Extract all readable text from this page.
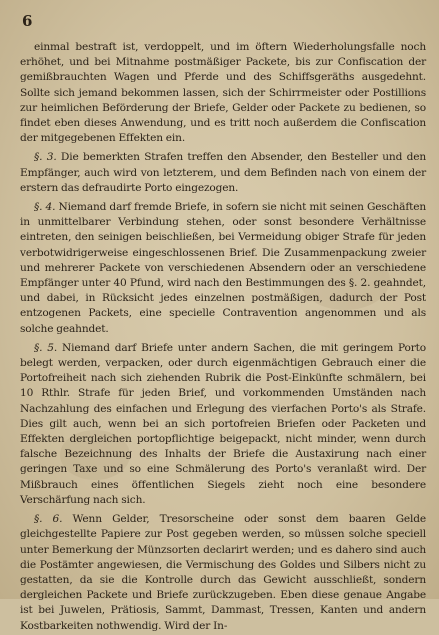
6

einmal bestraft ist, verdoppelt, und im öftern Wiederholungsfalle noch erhöhet, und bei Mitnahme postmäßiger Packete, bis zur Confiscation der gemißbrauchten Wagen und Pferde und des Schiffsgeräths ausgedehnt. Sollte sich jemand bekommen lassen, sich der Schirrmeister oder Postillions zur heimlichen Beförderung der Briefe, Gelder oder Packete zu bedienen, so findet eben dieses Anwendung, und es tritt noch außerdem die Confiscation der mitgegebenen Effekten ein.

§. 3. Die bemerkten Strafen treffen den Absender, den Besteller und den Empfänger, auch wird von letzterem, und dem Befinden nach von einem der erstern das defraudirte Porto eingezogen.

§. 4. Niemand darf fremde Briefe, in sofern sie nicht mit seinen Geschäften in unmittelbarer Verbindung stehen, oder sonst besondere Verhältnisse eintreten, den seinigen beischließen, bei Vermeidung obiger Strafe für jeden verbotwidrigerweise eingeschlossenen Brief. Die Zusammenpackung zweier und mehrerer Packete von verschiedenen Absendern oder an verschiedene Empfänger unter 40 Pfund, wird nach den Bestimmungen des §. 2. geahndet, und dabei, in Rücksicht jedes einzelnen postmäßigen, dadurch der Post entzogenen Packets, eine specielle Contravention angenommen und als solche geahndet.

§. 5. Niemand darf Briefe unter andern Sachen, die mit geringem Porto belegt werden, verpacken, oder durch eigenmächtigen Gebrauch einer die Portofreiheit nach sich ziehenden Rubrik die Post-Einkünfte schmälern, bei 10 Rthlr. Strafe für jeden Brief, und vorkommenden Umständen nach Nachzahlung des einfachen und Erlegung des vierfachen Porto's als Strafe. Dies gilt auch, wenn bei an sich portofreien Briefen oder Packeten und Effekten dergleichen portopflichtige beigepackt, nicht minder, wenn durch falsche Bezeichnung des Inhalts der Briefe die Austaxirung nach einer geringen Taxe und so eine Schmälerung des Porto's veranlaßt wird. Der Mißbrauch eines öffentlichen Siegels zieht noch eine besondere Verschärfung nach sich.

§. 6. Wenn Gelder, Tresorscheine oder sonst dem baaren Gelde gleichgestellte Papiere zur Post gegeben werden, so müssen solche speciell unter Bemerkung der Münzsorten declarirt werden; und es dahero sind auch die Postämter angewiesen, die Vermischung des Goldes und Silbers nicht zu gestatten, da sie die Kontrolle durch das Gewicht ausschließt, sondern dergleichen Packete und Briefe zurückzugeben. Eben diese genaue Angabe ist bei Juwelen, Prätiosis, Sammt, Dammast, Tressen, Kanten und andern Kostbarkeiten nothwendig. Wird der In-
